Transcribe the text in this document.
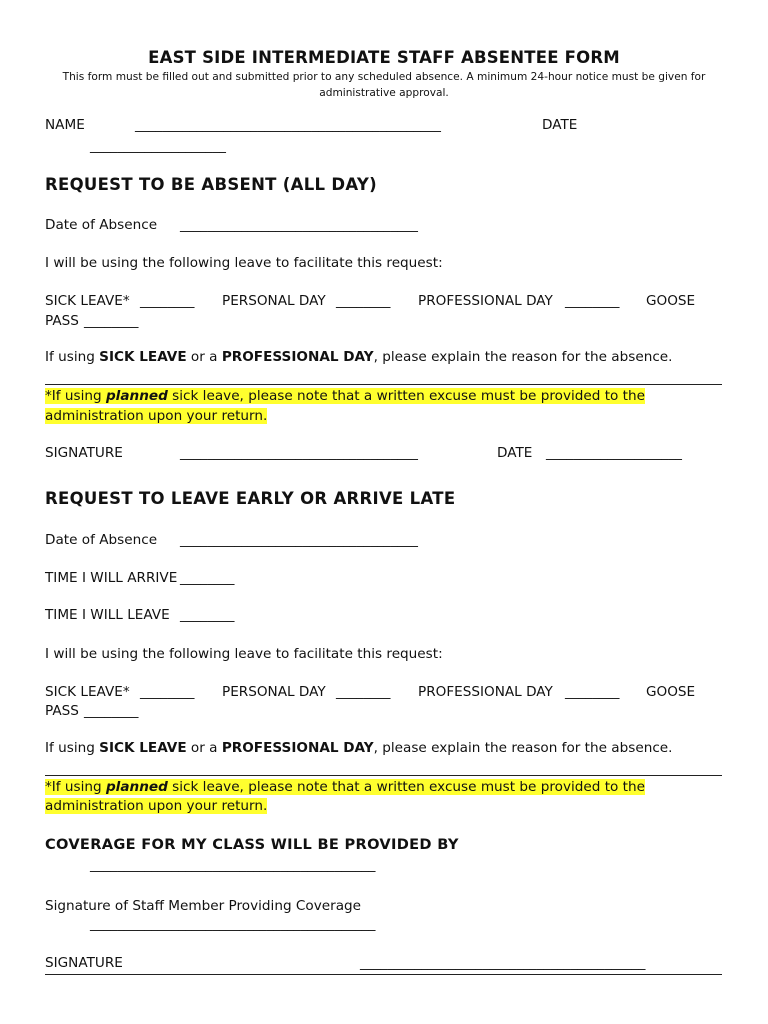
EAST SIDE INTERMEDIATE STAFF ABSENTEE FORM
This form must be filled out and submitted prior to any scheduled absence. A minimum 24-hour notice must be given for administrative approval.
NAME	_____________________________________________	DATE
____________________
REQUEST TO BE ABSENT (ALL DAY)
Date of Absence ___________________________________
I will be using the following leave to facilitate this request:
SICK LEAVE* ________ PERSONAL DAY ________ PROFESSIONAL DAY ________ GOOSE
PASS ________
If using SICK LEAVE or a PROFESSIONAL DAY, please explain the reason for the absence.
*If using planned sick leave, please note that a written excuse must be provided to the
administration upon your return.
SIGNATURE	___________________________________	DATE ____________________
REQUEST TO LEAVE EARLY OR ARRIVE LATE
Date of Absence ___________________________________
TIME I WILL ARRIVE ________
TIME I WILL LEAVE ________
I will be using the following leave to facilitate this request:
SICK LEAVE* ________ PERSONAL DAY ________ PROFESSIONAL DAY ________ GOOSE
PASS ________
If using SICK LEAVE or a PROFESSIONAL DAY, please explain the reason for the absence.
*If using planned sick leave, please note that a written excuse must be provided to the
administration upon your return.
COVERAGE FOR MY CLASS WILL BE PROVIDED BY
__________________________________________
Signature of Staff Member Providing Coverage
__________________________________________
SIGNATURE	__________________________________________
